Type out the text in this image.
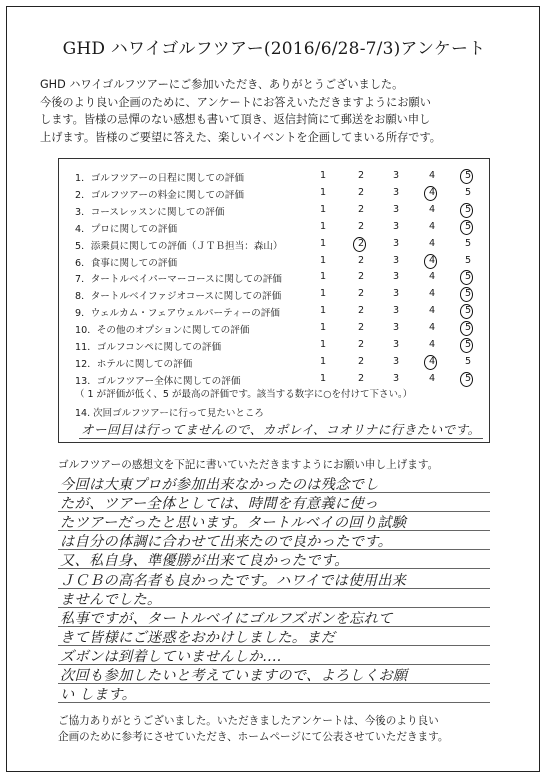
GHD ハワイゴルフツアー(2016/6/28-7/3)アンケート

GHD ハワイゴルフツアーにご参加いただき、ありがとうございました。

今後のより良い企画のために、アンケートにお答えいただきますようにお願い

します。皆様の忌憚のない感想も書いて頂き、返信封筒にて郵送をお願い申し

上げます。皆様のご要望に答えた、楽しいイベントを企画してまいる所存です。

（ 1 が評価が低く、5 が最高の評価です。該当する数字に○を付けて下さい。）
14. 次回ゴルフツアーに行って見たいところ
オー回目は行ってませんので、カポレイ、コオリナに行きたいです。
1．ゴルフツアーの日程に関しての評価	1	2	3	4	5
2．ゴルフツアーの料金に関しての評価	1	2	3	4	5
3．コースレッスンに関しての評価	1	2	3	4	5
4．プロに関しての評価	1	2	3	4	5
5．添乗員に関しての評価（ＪＴＢ担当：森山）	1	2	3	4	5
6．食事に関しての評価	1	2	3	4	5
7．タートルベイパーマーコースに関しての評価	1	2	3	4	5
8．タートルベイファジオコースに関しての評価	1	2	3	4	5
9．ウェルカム・フェアウェルパーティーの評価	1	2	3	4	5
10．その他のオプションに関しての評価	1	2	3	4	5
11．ゴルフコンペに関しての評価	1	2	3	4	5
12．ホテルに関しての評価	1	2	3	4	5
13．ゴルフツアー全体に関しての評価	1	2	3	4	5
ゴルフツアーの感想文を下記に書いていただきますようにお願い申し上げます。
今回は大東プロが参加出来なかったのは残念でし
たが、ツアー全体としては、時間を有意義に使っ
たツアーだったと思います。タートルベイの回り試験
は自分の体調に合わせて出来たので良かったです。
又、私自身、準優勝が出来て良かったです。
ＪＣＢの高名者も良かったです。ハワイでは使用出来
ませんでした。
私事ですが、タートルベイにゴルフズボンを忘れて
きて皆様にご迷惑をおかけしました。まだ
ズボンは到着していませんしか....
次回も参加したいと考えていますので、よろしくお願
い します。

ご協力ありがとうございました。いただきましたアンケートは、今後のより良い

企画のために参考にさせていただき、ホームページにて公表させていただきます。
